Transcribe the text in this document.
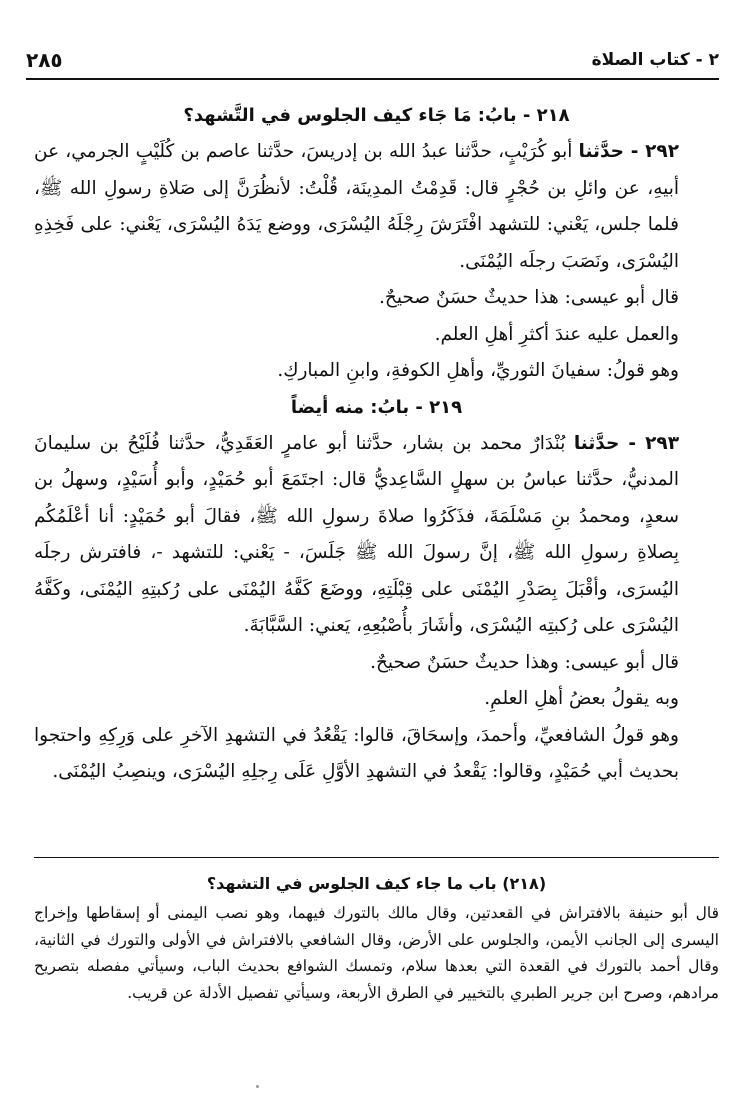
٢ - كتاب الصلاة
٢٨٥

٢١٨ - بابُ: مَا جَاء كيف الجلوس في التَّشهد؟

٢٩٢ - حدَّثنا أبو كُرَيْبٍ، حدَّثنا عبدُ الله بن إدريسَ، حدَّثنا عاصم بن كُلَيْبٍ الجرمي، عن أبيهِ، عن وائلِ بن حُجْرٍ قال: قَدِمْتُ المدِينَة، قُلْتُ: لأنظُرَنَّ إلى صَلاةِ رسولِ الله ﷺ، فلما جلس، يَعْني: للتشهد افْتَرَشَ رِجْلَهُ اليُسْرَى، ووضع يَدَهُ اليُسْرَى، يَعْني: على فَخِذِهِ اليُسْرَى، ونَصَبَ رجلَه اليُمْنَى.

قال أبو عيسى: هذا حديثٌ حسَنٌ صحيحٌ.

والعمل عليه عندَ أكثرِ أهلِ العلم.

وهو قولُ: سفيانَ الثوريِّ، وأهلِ الكوفةِ، وابنِ المباركِ.

٢١٩ - بابُ: منه أيضاً

٢٩٣ - حدَّثنا بُنْدَارٌ محمد بن بشار، حدَّثنا أبو عامرٍ العَقَدِيُّ، حدَّثنا فُلَيْحُ بن سليمانَ المدنيُّ، حدَّثنا عباسُ بن سهلٍ السَّاعِديُّ قال: اجتَمَعَ أبو حُمَيْدٍ، وأبو أُسَيْدٍ، وسهلُ بن سعدٍ، ومحمدُ بنِ مَسْلَمَةَ، فذَكَرُوا صلاةَ رسولِ الله ﷺ، فقالَ أبو حُمَيْدٍ: أنا أعْلَمُكُم بِصلاةِ رسولِ الله ﷺ، إنَّ رسولَ الله ﷺ جَلَسَ، - يَعْني: للتشهد -، فافترش رجلَه اليُسرَى، وأقْبَلَ بِصَدْرِ اليُمْنَى على قِبْلَتِهِ، ووضَعَ كَفَّهُ اليُمْنَى على رُكبتِهِ اليُمْنَى، وكَفَّهُ اليُسْرَى على رُكبتِه اليُسْرَى، وأشَارَ بأُصْبُعِهِ، يَعني: السَّبَّابَةَ.

قال أبو عيسى: وهذا حديثٌ حسَنٌ صحيحٌ.

وبه يقولُ بعضُ أهلِ العلمِ.

وهو قولُ الشافعيِّ، وأحمدَ، وإسحَاقَ، قالوا: يَقْعُدُ في التشهدِ الآخرِ على وَرِكِهِ واحتجوا بحديث أبي حُمَيْدٍ، وقالوا: يَقْعدُ في التشهدِ الأوَّلِ عَلَى رِجلِهِ اليُسْرَى، وينصِبُ اليُمْنَى.

(٢١٨) باب ما جاء كيف الجلوس في التشهد؟

قال أبو حنيفة بالافتراش في القعدتين، وقال مالك بالتورك فيهما، وهو نصب اليمنى أو إسقاطها وإخراج اليسرى إلى الجانب الأيمن، والجلوس على الأرض، وقال الشافعي بالافتراش في الأولى والتورك في الثانية، وقال أحمد بالتورك في القعدة التي بعدها سلام، وتمسك الشوافع بحديث الباب، وسيأتي مفصله بتصريح مرادهم، وصرح ابن جرير الطبري بالتخيير في الطرق الأربعة، وسيأتي تفصيل الأدلة عن قريب.
